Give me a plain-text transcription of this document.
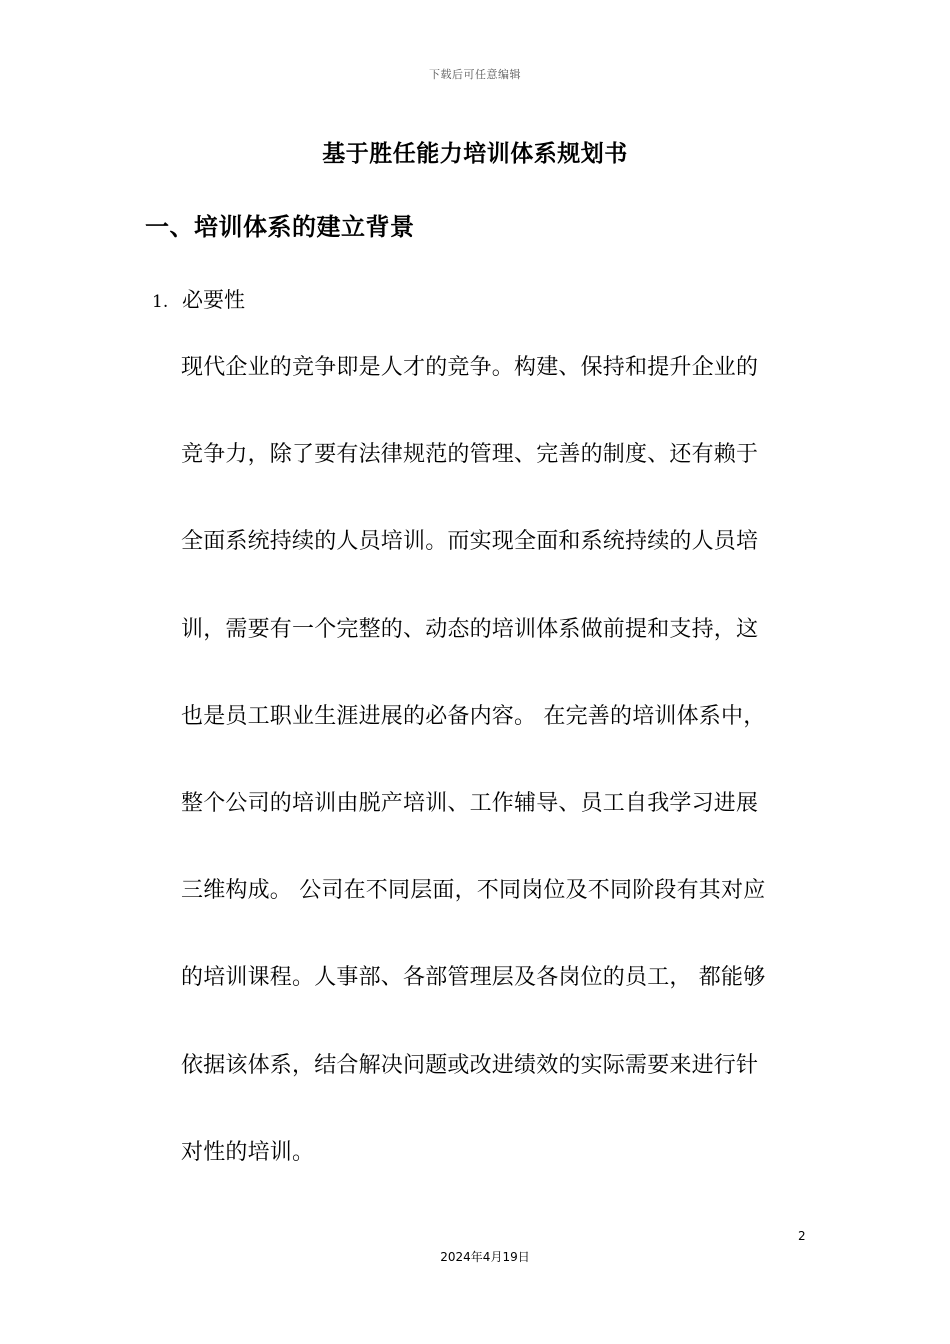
下载后可任意编辑
基于胜任能力培训体系规划书
一、培训体系的建立背景
1. 必要性
现代企业的竞争即是人才的竞争。构建、保持和提升企业的
竞争力，除了要有法律规范的管理、完善的制度、还有赖于
全面系统持续的人员培训。而实现全面和系统持续的人员培
训，需要有一个完整的、动态的培训体系做前提和支持，这
也是员工职业生涯进展的必备内容。 在完善的培训体系中，
整个公司的培训由脱产培训、工作辅导、员工自我学习进展
三维构成。 公司在不同层面，不同岗位及不同阶段有其对应
的培训课程。人事部、各部管理层及各岗位的员工， 都能够
依据该体系，结合解决问题或改进绩效的实际需要来进行针
对性的培训。
2
2024年4月19日
